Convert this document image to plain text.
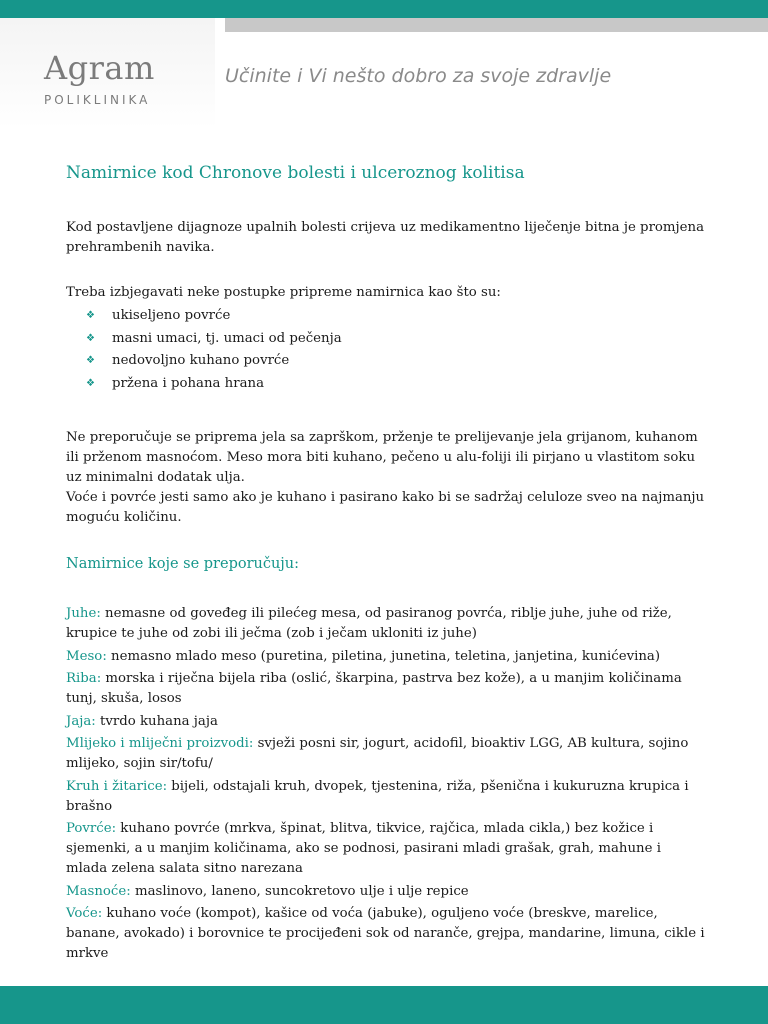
Agram
POLIKLINIKA
Učinite i Vi nešto dobro za svoje zdravlje
Namirnice kod Chronove bolesti i ulceroznog kolitisa

Kod postavljene dijagnoze upalnih bolesti crijeva uz medikamentno liječenje bitna je promjena prehrambenih navika.

Treba izbjegavati neke postupke pripreme namirnica kao što su:

❖ ukiseljeno povrće
❖ masni umaci, tj. umaci od pečenja
❖ nedovoljno kuhano povrće
❖ pržena i pohana hrana

Ne preporučuje se priprema jela sa zaprškom, prženje te prelijevanje jela grijanom, kuhanom ili prženom masnoćom. Meso mora biti kuhano, pečeno u alu-foliji ili pirjano u vlastitom soku uz minimalni dodatak ulja.

Voće i povrće jesti samo ako je kuhano i pasirano kako bi se sadržaj celuloze sveo na najmanju moguću količinu.

Namirnice koje se preporučuju:

Juhe: nemasne od goveđeg ili pilećeg mesa, od pasiranog povrća, riblje juhe, juhe od riže, krupice te juhe od zobi ili ječma (zob i ječam ukloniti iz juhe)

Meso: nemasno mlado meso (puretina, piletina, junetina, teletina, janjetina, kunićevina)

Riba: morska i riječna bijela riba (oslić, škarpina, pastrva bez kože), a u manjim količinama tunj, skuša, losos

Jaja: tvrdo kuhana jaja

Mlijeko i mliječni proizvodi: svježi posni sir, jogurt, acidofil, bioaktiv LGG, AB kultura, sojino mlijeko, sojin sir/tofu/

Kruh i žitarice: bijeli, odstajali kruh, dvopek, tjestenina, riža, pšenična i kukuruzna krupica i brašno

Povrće: kuhano povrće (mrkva, špinat, blitva, tikvice, rajčica, mlada cikla,) bez kožice i sjemenki, a u manjim količinama, ako se podnosi, pasirani mladi grašak, grah, mahune i mlada zelena salata sitno narezana

Masnoće: maslinovo, laneno, suncokretovo ulje i ulje repice

Voće: kuhano voće (kompot), kašice od voća (jabuke), oguljeno voće (breskve, marelice, banane, avokado) i borovnice te procijeđeni sok od naranče, grejpa, mandarine, limuna, cikle i mrkve
